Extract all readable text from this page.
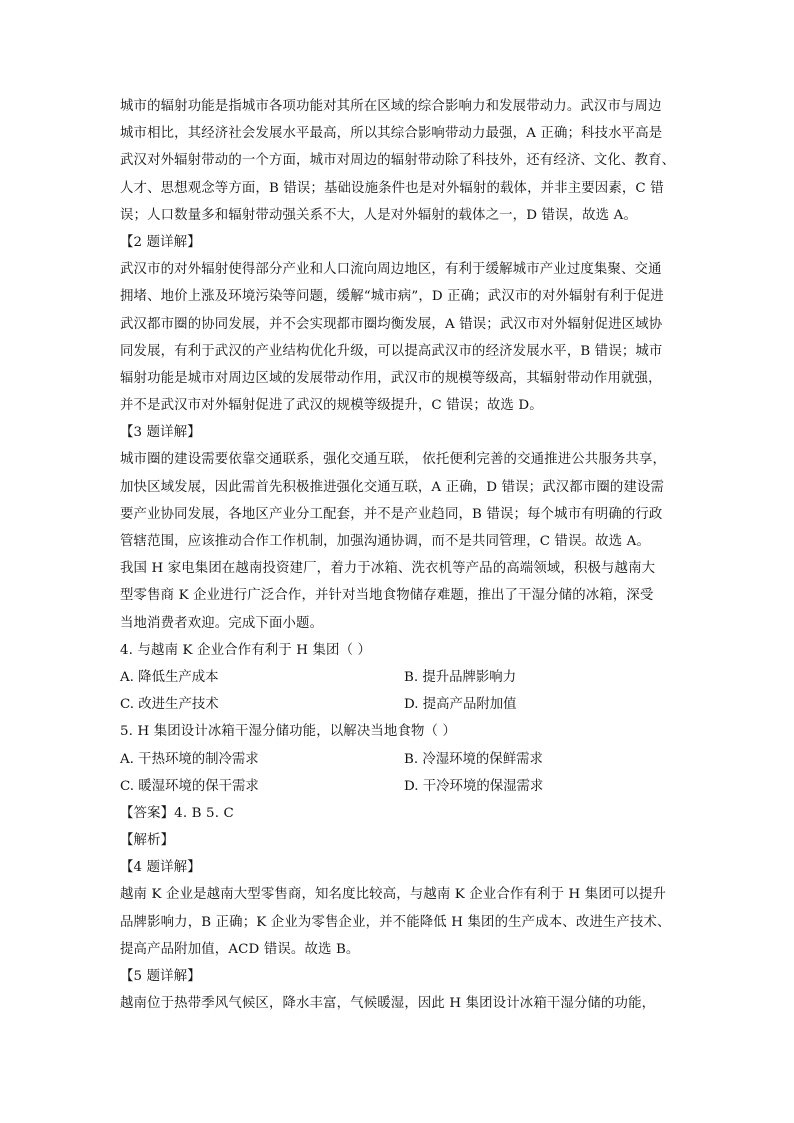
城市的辐射功能是指城市各项功能对其所在区域的综合影响力和发展带动力。武汉市与周边
城市相比，其经济社会发展水平最高，所以其综合影响带动力最强，A 正确；科技水平高是
武汉对外辐射带动的一个方面，城市对周边的辐射带动除了科技外，还有经济、文化、教育、
人才、思想观念等方面，B 错误；基础设施条件也是对外辐射的载体，并非主要因素，C 错
误；人口数量多和辐射带动强关系不大，人是对外辐射的载体之一，D 错误，故选 A。
【2 题详解】
武汉市的对外辐射使得部分产业和人口流向周边地区，有利于缓解城市产业过度集聚、交通
拥堵、地价上涨及环境污染等问题，缓解“城市病”，D 正确；武汉市的对外辐射有利于促进
武汉都市圈的协同发展，并不会实现都市圈均衡发展，A 错误；武汉市对外辐射促进区域协
同发展，有利于武汉的产业结构优化升级，可以提高武汉市的经济发展水平，B 错误；城市
辐射功能是城市对周边区域的发展带动作用，武汉市的规模等级高，其辐射带动作用就强，
并不是武汉市对外辐射促进了武汉的规模等级提升，C 错误；故选 D。
【3 题详解】
城市圈的建设需要依靠交通联系，强化交通互联， 依托便利完善的交通推进公共服务共享，
加快区域发展，因此需首先积极推进强化交通互联，A 正确，D 错误；武汉都市圈的建设需
要产业协同发展，各地区产业分工配套，并不是产业趋同，B 错误；每个城市有明确的行政
管辖范围，应该推动合作工作机制，加强沟通协调，而不是共同管理，C 错误。故选 A。
我国 H 家电集团在越南投资建厂，着力于冰箱、洗衣机等产品的高端领域，积极与越南大
型零售商 K 企业进行广泛合作，并针对当地食物储存难题，推出了干湿分储的冰箱，深受
当地消费者欢迎。完成下面小题。
4. 与越南 K 企业合作有利于 H 集团（ ）
A. 降低生产成本	B. 提升品牌影响力
C. 改进生产技术	D. 提高产品附加值
5. H 集团设计冰箱干湿分储功能，以解决当地食物（ ）
A. 干热环境的制冷需求	B. 冷湿环境的保鲜需求
C. 暖湿环境的保干需求	D. 干冷环境的保湿需求
【答案】4. B 5. C
【解析】
【4 题详解】
越南 K 企业是越南大型零售商，知名度比较高，与越南 K 企业合作有利于 H 集团可以提升
品牌影响力，B 正确；K 企业为零售企业，并不能降低 H 集团的生产成本、改进生产技术、
提高产品附加值，ACD 错误。故选 B。
【5 题详解】
越南位于热带季风气候区，降水丰富，气候暖湿，因此 H 集团设计冰箱干湿分储的功能，
